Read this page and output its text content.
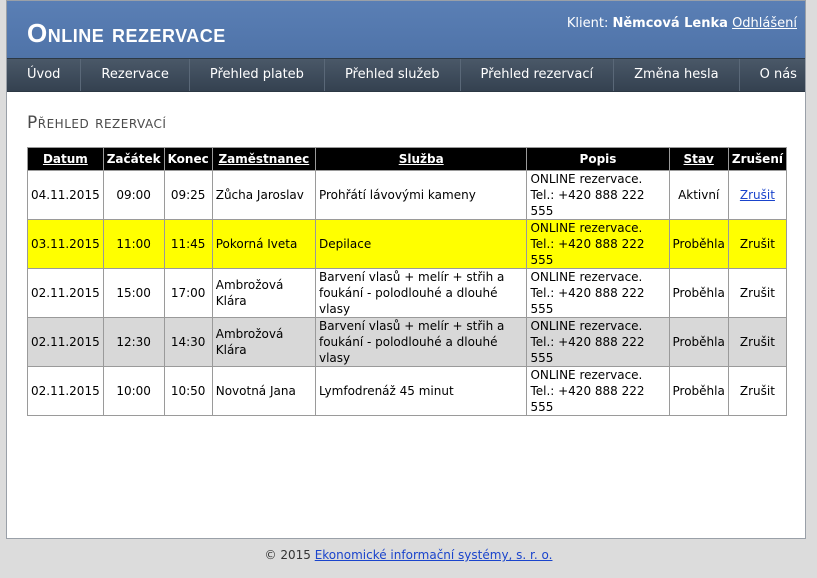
Online rezervace	Klient: Němcová Lenka Odhlášení
Úvod	Rezervace	Přehled plateb	Přehled služeb	Přehled rezervací	Změna hesla	O nás
Přehled rezervací
Datum	Začátek	Konec	Zaměstnanec	Služba	Popis	Stav	Zrušení
04.11.2015	09:00	09:25	Zůcha Jaroslav	Prohřátí lávovými kameny	ONLINE rezervace. Tel.: +420 888 222 555	Aktivní	Zrušit
03.11.2015	11:00	11:45	Pokorná Iveta	Depilace	ONLINE rezervace. Tel.: +420 888 222 555	Proběhla	Zrušit
02.11.2015	15:00	17:00	Ambrožová Klára	Barvení vlasů + melír + střih a foukání - polodlouhé a dlouhé vlasy	ONLINE rezervace. Tel.: +420 888 222 555	Proběhla	Zrušit
02.11.2015	12:30	14:30	Ambrožová Klára	Barvení vlasů + melír + střih a foukání - polodlouhé a dlouhé vlasy	ONLINE rezervace. Tel.: +420 888 222 555	Proběhla	Zrušit
02.11.2015	10:00	10:50	Novotná Jana	Lymfodrenáž 45 minut	ONLINE rezervace. Tel.: +420 888 222 555	Proběhla	Zrušit
© 2015 Ekonomické informační systémy, s. r. o.
